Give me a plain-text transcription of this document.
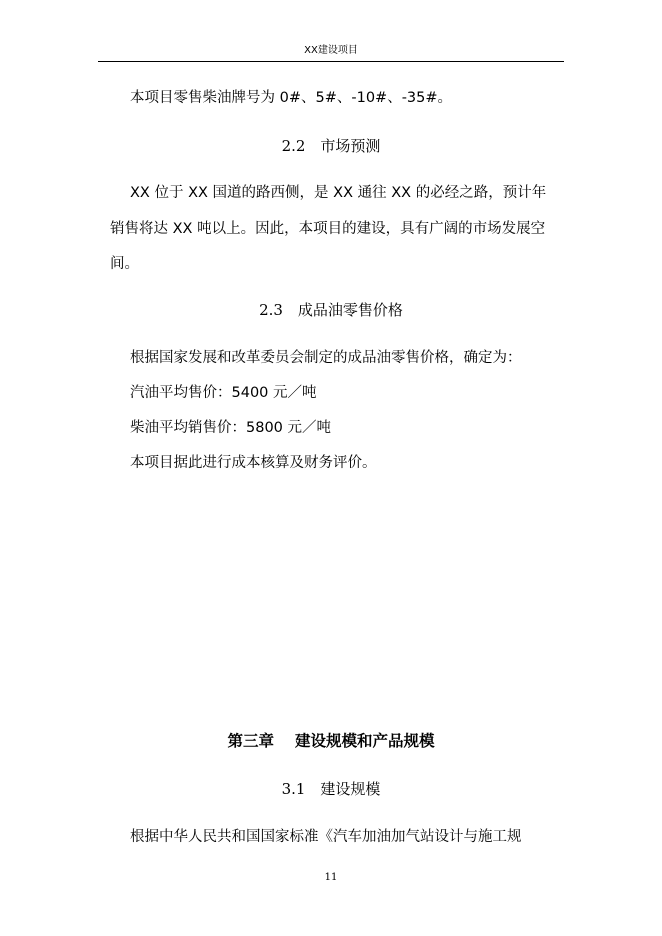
XX建设项目
本项目零售柴油牌号为 0#、5#、-10#、-35#。
2.2　市场预测
XX 位于 XX 国道的路西侧，是 XX 通往 XX 的必经之路，预计年
销售将达 XX 吨以上。因此，本项目的建设，具有广阔的市场发展空
间。
2.3　成品油零售价格
根据国家发展和改革委员会制定的成品油零售价格，确定为：
汽油平均售价：5400 元／吨
柴油平均销售价：5800 元／吨
本项目据此进行成本核算及财务评价。
第三章　 建设规模和产品规模
3.1　建设规模
根据中华人民共和国国家标准《汽车加油加气站设计与施工规
11
